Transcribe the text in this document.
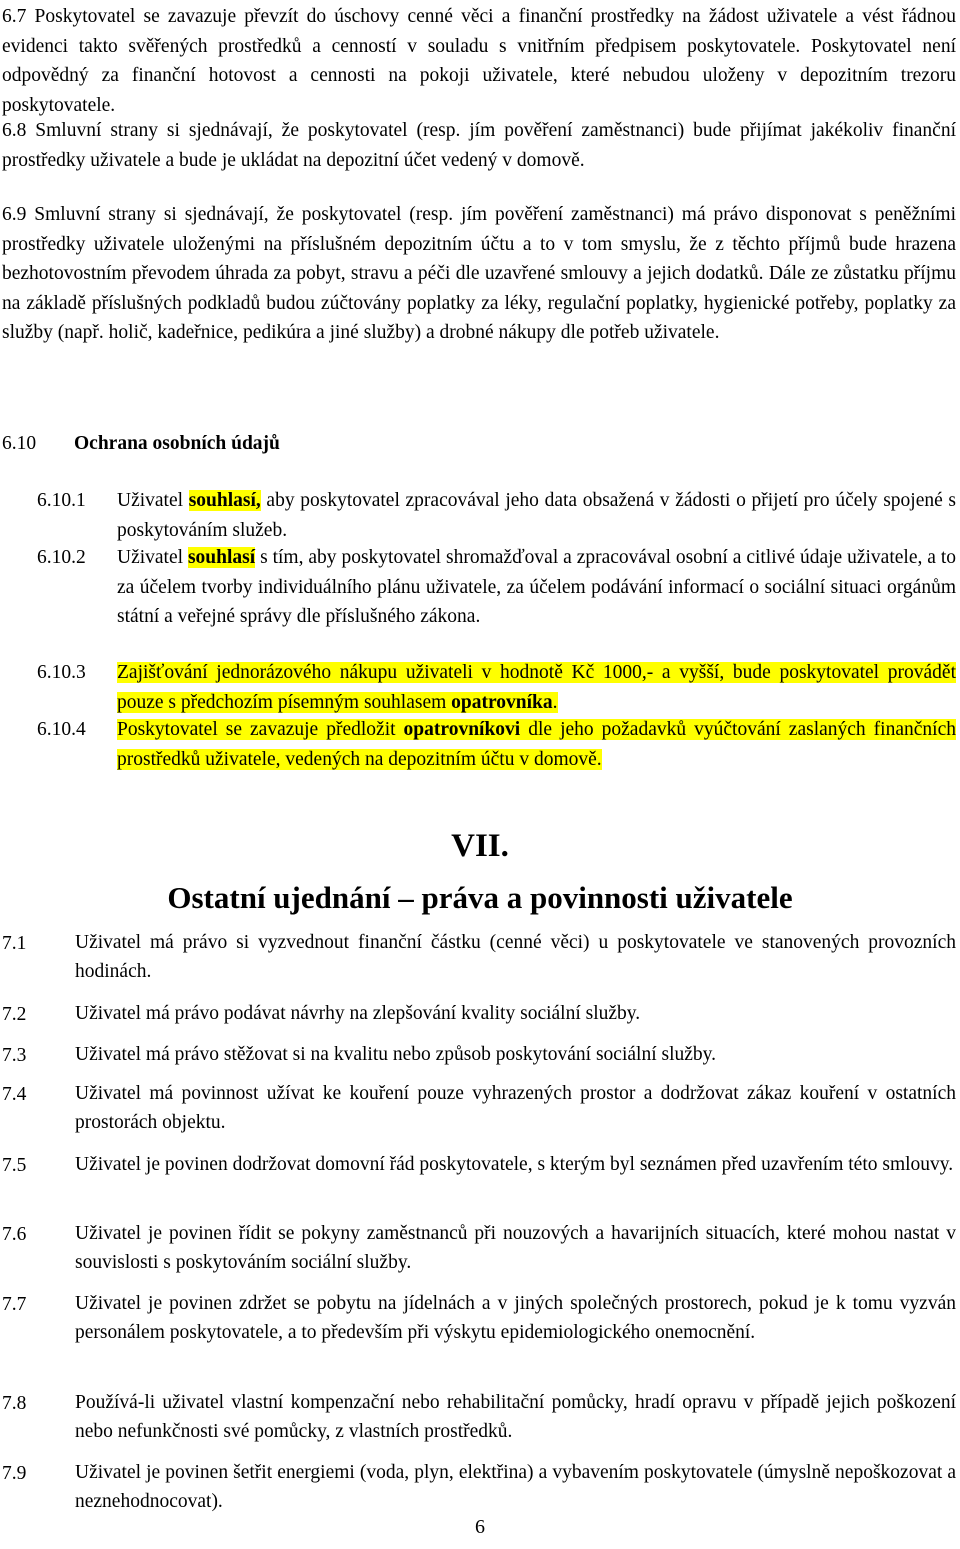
6.7 Poskytovatel se zavazuje převzít do úschovy cenné věci a finanční prostředky na žádost uživatele a vést řádnou evidenci takto svěřených prostředků a cenností v souladu s vnitřním předpisem poskytovatele. Poskytovatel není odpovědný za finanční hotovost a cennosti na pokoji uživatele, které nebudou uloženy v depozitním trezoru poskytovatele.

6.8 Smluvní strany si sjednávají, že poskytovatel (resp. jím pověření zaměstnanci) bude přijímat jakékoliv finanční prostředky uživatele a bude je ukládat na depozitní účet vedený v domově.

6.9 Smluvní strany si sjednávají, že poskytovatel (resp. jím pověření zaměstnanci) má právo disponovat s peněžními prostředky uživatele uloženými na příslušném depozitním účtu a to v tom smyslu, že z těchto příjmů bude hrazena bezhotovostním převodem úhrada za pobyt, stravu a péči dle uzavřené smlouvy a jejich dodatků. Dále ze zůstatku příjmu na základě příslušných podkladů budou zúčtovány poplatky za léky, regulační poplatky, hygienické potřeby, poplatky za služby (např. holič, kadeřnice, pedikúra a jiné služby) a drobné nákupy dle potřeb uživatele.

6.10 Ochrana osobních údajů
6.10.1 Uživatel souhlasí, aby poskytovatel zpracovával jeho data obsažená v žádosti o přijetí pro účely spojené s poskytováním služeb.

6.10.2 Uživatel souhlasí s tím, aby poskytovatel shromažďoval a zpracovával osobní a citlivé údaje uživatele, a to za účelem tvorby individuálního plánu uživatele, za účelem podávání informací o sociální situaci orgánům státní a veřejné správy dle příslušného zákona.

6.10.3 Zajišťování jednorázového nákupu uživateli v hodnotě Kč 1000,- a vyšší, bude poskytovatel provádět pouze s předchozím písemným souhlasem opatrovníka.

6.10.4 Poskytovatel se zavazuje předložit opatrovníkovi dle jeho požadavků vyúčtování zaslaných finančních prostředků uživatele, vedených na depozitním účtu v domově.

VII.
Ostatní ujednání – práva a povinnosti uživatele
7.1 Uživatel má právo si vyzvednout finanční částku (cenné věci) u poskytovatele ve stanovených provozních hodinách.

7.2 Uživatel má právo podávat návrhy na zlepšování kvality sociální služby.

7.3 Uživatel má právo stěžovat si na kvalitu nebo způsob poskytování sociální služby.

7.4 Uživatel má povinnost užívat ke kouření pouze vyhrazených prostor a dodržovat zákaz kouření v ostatních prostorách objektu.

7.5 Uživatel je povinen dodržovat domovní řád poskytovatele, s kterým byl seznámen před uzavřením této smlouvy.

7.6 Uživatel je povinen řídit se pokyny zaměstnanců při nouzových a havarijních situacích, které mohou nastat v souvislosti s poskytováním sociální služby.

7.7 Uživatel je povinen zdržet se pobytu na jídelnách a v jiných společných prostorech, pokud je k tomu vyzván personálem poskytovatele, a to především při výskytu epidemiologického onemocnění.

7.8 Používá-li uživatel vlastní kompenzační nebo rehabilitační pomůcky, hradí opravu v případě jejich poškození nebo nefunkčnosti své pomůcky, z vlastních prostředků.

7.9 Uživatel je povinen šetřit energiemi (voda, plyn, elektřina) a vybavením poskytovatele (úmyslně nepoškozovat a neznehodnocovat).

6
